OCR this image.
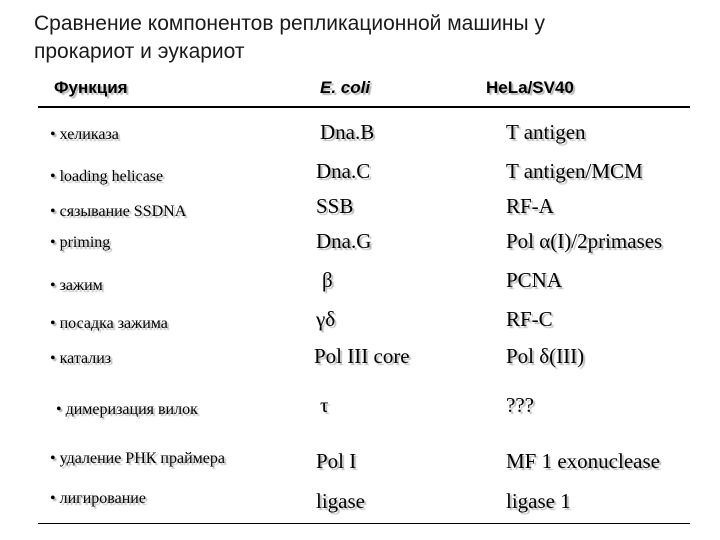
Сравнение компонентов репликационной машины у
прокариот и эукариот
Функция	E. coli	HeLa/SV40
• хеликаза	Dna.B	T antigen
• loading helicase	Dna.C	T antigen/MCM
• сязывание SSDNA	SSB	RF-A
• priming	Dna.G	Pol α(I)/2primases
• зажим	β	PCNA
• посадка зажима	γδ	RF-C
• катализ	Pol III core	Pol δ(III)
• димеризация вилок	τ	???
• удаление РНК праймера	Pol I	MF 1 exonuclease
• лигирование	ligase	ligase 1
